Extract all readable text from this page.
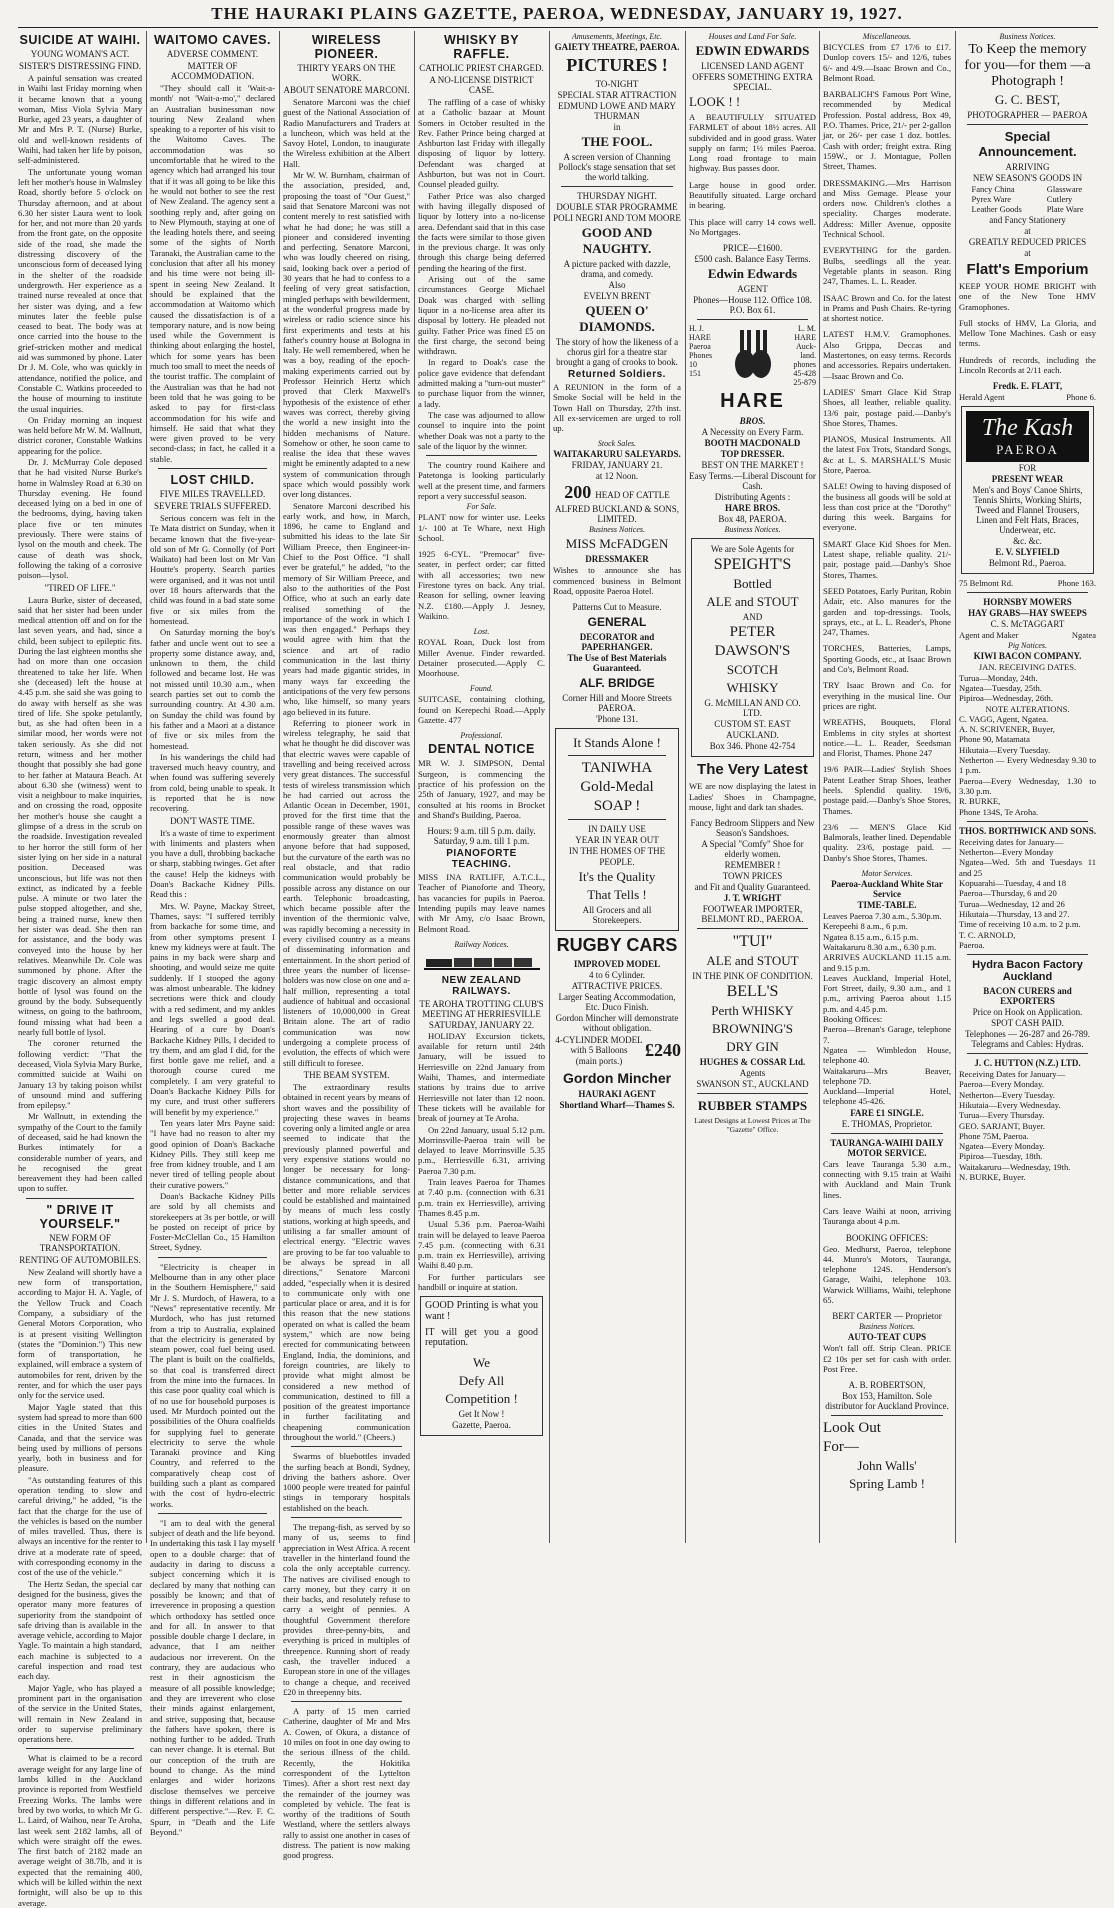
THE HAURAKI PLAINS GAZETTE, PAEROA, WEDNESDAY, JANUARY 19, 1927.
SUICIDE AT WAIHI.
YOUNG WOMAN'S ACT.
SISTER'S DISTRESSING FIND.

A painful sensation was created in Waihi last Friday morning when it became known that a young woman, Miss Viola Sylvia Mary Burke, aged 23 years, a daughter of Mr and Mrs P. T. (Nurse) Burke, old and well-known residents of Waihi, had taken her life by poison, self-administered.

The unfortunate young woman left her mother's house in Walmsley Road, shortly before 5 o'clock on Thursday afternoon, and at about 6.30 her sister Laura went to look for her, and not more than 20 yards from the front gate, on the opposite side of the road, she made the distressing discovery of the unconscious form of deceased lying in the shelter of the roadside undergrowth. Her experience as a trained nurse revealed at once that her sister was dying, and a few minutes later the feeble pulse ceased to beat. The body was at once carried into the house to the grief-stricken mother and medical aid was summoned by phone. Later Dr J. M. Cole, who was quickly in attendance, notified the police, and Constable C. Watkins proceeded to the house of mourning to institute the usual inquiries.

On Friday morning an inquest was held before Mr W. M. Wallnutt, district coroner, Constable Watkins appearing for the police.

Dr. J. McMurray Cole deposed that he had visited Nurse Burke's home in Walmsley Road at 6.30 on Thursday evening. He found deceased lying on a bed in one of the bedrooms, dying, having taken place five or ten minutes previously. There were stains of lysol on the mouth and cheek. The cause of death was shock, following the taking of a corrosive poison—lysol.

"TIRED OF LIFE."

Laura Burke, sister of deceased, said that her sister had been under medical attention off and on for the last seven years, and had, since a child, been subject to epileptic fits. During the last eighteen months she had on more than one occasion threatened to take her life. When she (deceased) left the house at 4.45 p.m. she said she was going to do away with herself as she was tired of life. She spoke petulantly, but, as she had often been in a similar mood, her words were not taken seriously. As she did not return, witness and her mother thought that possibly she had gone to her father at Mataura Beach. At about 6.30 she (witness) went to visit a neighbour to make inquiries, and on crossing the road, opposite her mother's house she caught a glimpse of a dress in the scrub on the roadside. Investigation revealed to her horror the still form of her sister lying on her side in a natural position. Deceased was unconscious, but life was not then extinct, as indicated by a feeble pulse. A minute or two later the pulse stopped altogether, and she, being a trained nurse, knew then her sister was dead. She then ran for assistance, and the body was conveyed into the house by her relatives. Meanwhile Dr. Cole was summoned by phone. After the tragic discovery an almost empty bottle of lysol was found on the ground by the body. Subsequently witness, on going to the bathroom, found missing what had been a nearly full bottle of lysol.

The coroner returned the following verdict: "That the deceased, Viola Sylvia Mary Burke, committed suicide at Waihi on January 13 by taking poison whilst of unsound mind and suffering from epilepsy."

Mr Wallnutt, in extending the sympathy of the Court to the family of deceased, said he had known the Burkes intimately for a considerable number of years, and he recognised the great bereavement they had been called upon to suffer.

" DRIVE IT YOURSELF."
NEW FORM OF TRANSPORTATION.
RENTING OF AUTOMOBILES.

New Zealand will shortly have a new form of transportation, according to Major H. A. Yagle, of the Yellow Truck and Coach Company, a subsidiary of the General Motors Corporation, who is at present visiting Wellington (states the "Dominion.") This new form of transportation, he explained, will embrace a system of automobiles for rent, driven by the renter, and for which the user pays only for the service used.

Major Yagle stated that this system had spread to more than 600 cities in the United States and Canada, and that the service was being used by millions of persons yearly, both in business and for pleasure.

"As outstanding features of this operation tending to slow and careful driving," he added, "is the fact that the charge for the use of the vehicles is based on the number of miles travelled. Thus, there is always an incentive for the renter to drive at a moderate rate of speed, with corresponding economy in the cost of the use of the vehicle."

The Hertz Sedan, the special car designed for the business, gives the operator many more features of superiority from the standpoint of safe driving than is available in the average vehicle, according to Major Yagle. To maintain a high standard, each machine is subjected to a careful inspection and road test each day.

Major Yagle, who has played a prominent part in the organisation of the service in the United States, will remain in New Zealand in order to supervise preliminary operations here.

What is claimed to be a record average weight for any large line of lambs killed in the Auckland province is reported from Westfield Freezing Works. The lambs were bred by two works, to which Mr G. L. Laird, of Waihou, near Te Aroha, last week sent 2182 lambs, all of which were straight off the ewes. The first batch of 2182 made an average weight of 38.7lb, and it is expected that the remaining 400, which will be killed within the next fortnight, will also be up to this average.

WAITOMO CAVES.
ADVERSE COMMENT.
MATTER OF ACCOMMODATION.

"They should call it 'Wait-a-month' not 'Wait-a-mo'," declared an Australian businessman now touring New Zealand when speaking to a reporter of his visit to the Waitomo Caves. The accommodation was so uncomfortable that he wired to the agency which had arranged his tour that if it was all going to be like this he would not bother to see the rest of New Zealand. The agency sent a soothing reply and, after going on to New Plymouth, staying at one of the leading hotels there, and seeing some of the sights of North Taranaki, the Australian came to the conclusion that after all his money and his time were not being ill-spent in seeing New Zealand. It should be explained that the accommodation at Waitomo which caused the dissatisfaction is of a temporary nature, and is now being used while the Government is thinking about enlarging the hostel, which for some years has been much too small to meet the needs of the tourist traffic. The complaint of the Australian was that he had not been told that he was going to be asked to pay for first-class accommodation for his wife and himself. He said that what they were given proved to be very second-class; in fact, he called it a stable.

LOST CHILD.
FIVE MILES TRAVELLED.
SEVERE TRIALS SUFFERED.

Serious concern was felt in the Te Mata district on Sunday, when it became known that the five-year-old son of Mr G. Connolly (of Port Waikato) had been lost on Mr Van Houtte's property. Search parties were organised, and it was not until over 18 hours afterwards that the child was found in a bad state some five or six miles from the homestead.

On Saturday morning the boy's father and uncle went out to see a property some distance away, and, unknown to them, the child followed and became lost. He was not missed until 10.30 a.m., when search parties set out to comb the surrounding country. At 4.30 a.m. on Sunday the child was found by his father and a Maori at a distance of five or six miles from the homestead.

In his wanderings the child had traversed much heavy country, and when found was suffering severely from cold, being unable to speak. It is reported that he is now recovering.

DON'T WASTE TIME.

It's a waste of time to experiment with liniments and plasters when you have a dull, throbbing backache or sharp, stabbing twinges. Get after the cause! Help the kidneys with Doan's Backache Kidney Pills. Read this :

Mrs. W. Payne, Mackay Street, Thames, says: "I suffered terribly from backache for some time, and from other symptoms present I knew my kidneys were at fault. The pains in my back were sharp and shooting, and would seize me quite suddenly. If I stooped the agony was almost unbearable. The kidney secretions were thick and cloudy with a red sediment, and my ankles and legs swelled a good deal. Hearing of a cure by Doan's Backache Kidney Pills, I decided to try them, and am glad I did, for the first bottle gave me relief, and a thorough course cured me completely. I am very grateful to Doan's Backache Kidney Pills for my cure, and trust other sufferers will benefit by my experience."

Ten years later Mrs Payne said: "I have had no reason to alter my good opinion of Doan's Backache Kidney Pills. They still keep me free from kidney trouble, and I am never tired of telling people about their curative powers."

Doan's Backache Kidney Pills are sold by all chemists and storekeepers at 3s per bottle, or will be posted on receipt of price by Foster-McClellan Co., 15 Hamilton Street, Sydney.

"Electricity is cheaper in Melbourne than in any other place in the Southern Hemisphere," said Mr J. S. Murdoch, of Hawera, to a "News" representative recently. Mr Murdoch, who has just returned from a trip to Australia, explained that the electricity is generated by steam power, coal fuel being used. The plant is built on the coalfields, so that coal is transferred direct from the mine into the furnaces. In this case poor quality coal which is of no use for household purposes is used. Mr Murdoch pointed out the possibilities of the Ohura coalfields for supplying fuel to generate electricity to serve the whole Taranaki province and King Country, and referred to the comparatively cheap cost of building such a plant as compared with the cost of hydro-electric works.

"I am to deal with the general subject of death and the life beyond. In undertaking this task I lay myself open to a double charge: that of audacity in daring to discuss a subject concerning which it is declared by many that nothing can possibly be known; and that of irreverence in proposing a question which orthodoxy has settled once and for all. In answer to that possible double charge I declare, in advance, that I am neither audacious nor irreverent. On the contrary, they are audacious who rest in their agnosticism the measure of all possible knowledge; and they are irreverent who close their minds against enlargement, and strive, supposing that, because the fathers have spoken, there is nothing further to be added. Truth can never change. It is eternal. But our conception of the truth are bound to change. As the mind enlarges and wider horizons disclose themselves we perceive things in different relations and in different perspective."—Rev. F. C. Spurr, in "Death and the Life Beyond."

WIRELESS PIONEER.
THIRTY YEARS ON THE WORK.
ABOUT SENATORE MARCONI.

Senatore Marconi was the chief guest of the National Association of Radio Manufacturers and Traders at a luncheon, which was held at the Savoy Hotel, London, to inaugurate the Wireless exhibition at the Albert Hall.

Mr W. W. Burnham, chairman of the association, presided, and, proposing the toast of "Our Guest," said that Senatore Marconi was not content merely to rest satisfied with what he had done; he was still a pioneer and considered inventing and perfecting. Senatore Marconi, who was loudly cheered on rising, said, looking back over a period of 30 years that he had to confess to a feeling of very great satisfaction, mingled perhaps with bewilderment, at the wonderful progress made by wireless or radio science since his first experiments and tests at his father's country house at Bologna in Italy. He well remembered, when he was a boy, reading of the epoch-making experiments carried out by Professor Heinrich Hertz which proved that Clerk Maxwell's hypothesis of the existence of ether waves was correct, thereby giving the world a new insight into the hidden mechanisms of Nature. Somehow or other, he soon came to realise the idea that these waves might be eminently adapted to a new system of communication through space which would possibly work over long distances.

Senatore Marconi described his early work, and how, in March, 1896, he came to England and submitted his ideas to the late Sir William Preece, then Engineer-in-Chief to the Post Office. "I shall ever be grateful," he added, "to the memory of Sir William Preece, and also to the authorities of the Post Office, who at such an early date realised something of the importance of the work in which I was then engaged." Perhaps they would agree with him that the science and art of radio communication in the last thirty years had made gigantic strides, in many ways far exceeding the anticipations of the very few persons who, like himself, so many years ago believed in its future.

Referring to pioneer work in wireless telegraphy, he said that what he thought he did discover was that electric waves were capable of travelling and being received across very great distances. The successful tests of wireless transmission which he had carried out across the Atlantic Ocean in December, 1901, proved for the first time that the possible range of these waves was enormously greater than almost anyone before that had supposed, but the curvature of the earth was no real obstacle, and that radio communication would probably be possible across any distance on our earth. Telephonic broadcasting, which became possible after the invention of the thermionic valve, was rapidly becoming a necessity in every civilised country as a means of disseminating information and entertainment. In the short period of three years the number of license-holders was now close on one and a-half million, representing a total audience of habitual and occasional listeners of 10,000,000 in Great Britain alone. The art of radio communication was now undergoing a complete process of evolution, the effects of which were still difficult to foresee.

THE BEAM SYSTEM.

The extraordinary results obtained in recent years by means of short waves and the possibility of projecting these waves in beams covering only a limited angle or area seemed to indicate that the previously planned powerful and very expensive stations would no longer be necessary for long-distance communications, and that better and more reliable services could be established and maintained by means of much less costly stations, working at high speeds, and utilising a far smaller amount of electrical energy. "Electric waves are proving to be far too valuable to be always be spread in all directions," Senatore Marconi added, "especially when it is desired to communicate only with one particular place or area, and it is for this reason that the new stations operated on what is called the beam system," which are now being erected for communicating between England, India, the dominions, and foreign countries, are likely to provide what might almost be considered a new method of communication, destined to fill a position of the greatest importance in further facilitating and cheapening communication throughout the world." (Cheers.)

Swarms of bluebottles invaded the surfing beach at Bondi, Sydney, driving the bathers ashore. Over 1000 people were treated for painful stings in temporary hospitals established on the beach.

The trepang-fish, as served by so many of us, seems to find appreciation in West Africa. A recent traveller in the hinterland found the cola the only acceptable currency. The natives are civilised enough to carry money, but they carry it on their backs, and resolutely refuse to carry a weight of pennies. A thoughtful Government therefore provides three-penny-bits, and everything is priced in multiples of threepence. Running short of ready cash, the traveller induced a European store in one of the villages to change a cheque, and received £20 in threepenny bits.

A party of 15 men carried Catherine, daughter of Mr and Mrs A. Cowen, of Okura, a distance of 10 miles on foot in one day owing to the serious illness of the child. Recently, the Hokitika correspondent of the Lyttelton Times). After a short rest next day the remainder of the journey was completed by vehicle. The feat is worthy of the traditions of South Westland, where the settlers always rally to assist one another in cases of distress. The patient is now making good progress.

WHISKY BY RAFFLE.
CATHOLIC PRIEST CHARGED.
A NO-LICENSE DISTRICT CASE.

The raffling of a case of whisky at a Catholic bazaar at Mount Somers in October resulted in the Rev. Father Prince being charged at Ashburton last Friday with illegally disposing of liquor by lottery. Defendant was charged at Ashburton, but was not in Court. Counsel pleaded guilty.

Father Price was also charged with having illegally disposed of liquor by lottery into a no-license area. Defendant said that in this case the facts were similar to those given in the previous charge. It was only through this charge being deferred pending the hearing of the first.

Arising out of the same circumstances George Michael Doak was charged with selling liquor in a no-license area after its disposal by lottery. He pleaded not guilty. Father Price was fined £5 on the first charge, the second being withdrawn.

In regard to Doak's case the police gave evidence that defendant admitted making a "turn-out muster" to purchase liquor from the winner, a lady.

The case was adjourned to allow counsel to inquire into the point whether Doak was not a party to the sale of the liquor by the winner.

The country round Kaihere and Patetonga is looking particularly well at the present time, and farmers report a very successful season.

For Sale.
PLANT now for winter use. Leeks 1/- 100 at Te Whare, next High School.
1925 6-CYL. "Premocar" five-seater, in perfect order; car fitted with all accessories; two new Firestone tyres on back. Any trial. Reason for selling, owner leaving N.Z. £180.—Apply J. Jesney, Waikino.
Lost.
ROYAL Roan, Duck lost from Miller Avenue. Finder rewarded. Detainer prosecuted.—Apply C. Moorhouse.
Found.
SUITCASE, containing clothing, found on Kerepechi Road.—Apply Gazette. 477
Professional.
DENTAL NOTICE
MR W. J. SIMPSON, Dental Surgeon, is commencing the practice of his profession on the 25th of January, 1927, and may be consulted at his rooms in Brocket and Shand's Building, Paeroa.
Hours: 9 a.m. till 5 p.m. daily. Saturday, 9 a.m. till 1 p.m.
PIANOFORTE TEACHING.
MISS INA RATLIFF, A.T.C.L., Teacher of Pianoforte and Theory, has vacancies for pupils in Paeroa. Intending pupils may leave names with Mr Amy, c/o Isaac Brown, Belmont Road.
Railway Notices.
NEW ZEALAND RAILWAYS.
TE AROHA TROTTING CLUB'S MEETING AT HERRIESVILLE
SATURDAY, JANUARY 22.

HOLIDAY Excursion tickets, available for return until 24th January, will be issued to Herriesville on 22nd January from Waihi, Thames, and intermediate stations by trains due to arrive Herriesville not later than 12 noon. These tickets will be available for break of journey at Te Aroha.

On 22nd January, usual 5.12 p.m. Morrinsville-Paeroa train will be delayed to leave Morrinsville 5.35 p.m., Herriesville 6.31, arriving Paeroa 7.30 p.m.

Train leaves Paeroa for Thames at 7.40 p.m. (connection with 6.31 p.m. train ex Herriesville), arriving Thames 8.45 p.m.

Usual 5.36 p.m. Paeroa-Waihi train will be delayed to leave Paeroa 7.45 p.m. (connecting with 6.31 p.m. train ex Herriesville), arriving Waihi 8.40 p.m.

For further particulars see handbill or inquire at station.

GOOD Printing is what you want !
IT will get you a good reputation.
We
Defy All
Competition !
Get It Now !
Gazette, Paeroa.
Amusements, Meetings, Etc.
GAIETY THEATRE, PAEROA.
PICTURES !
TO-NIGHT
SPECIAL STAR ATTRACTION
EDMUND LOWE AND MARY THURMAN
in
THE FOOL.
A screen version of Channing Pollock's stage sensation that set the world talking.
THURSDAY NIGHT.
DOUBLE STAR PROGRAMME
POLI NEGRI AND TOM MOORE
GOOD AND NAUGHTY.
A picture packed with dazzle, drama, and comedy.
Also
EVELYN BRENT
QUEEN O' DIAMONDS.
The story of how the likeness of a chorus girl for a theatre star brought a gang of crooks to book.
Returned Soldiers.
A REUNION in the form of a Smoke Social will be held in the Town Hall on Thursday, 27th inst. All ex-servicemen are urged to roll up.
Stock Sales.
WAITAKARURU SALEYARDS.
FRIDAY, JANUARY 21.
at 12 Noon.
200 HEAD OF CATTLE
ALFRED BUCKLAND & SONS, LIMITED.
Business Notices.
MISS McFADGEN
DRESSMAKER
Wishes to announce she has commenced business in Belmont Road, opposite Paeroa Hotel.
Patterns Cut to Measure.
GENERAL
DECORATOR and PAPERHANGER.
The Use of Best Materials Guaranteed.
ALF. BRIDGE
Corner Hill and Moore Streets PAEROA.
'Phone 131.
It Stands Alone !
TANIWHA
Gold-Medal
SOAP !
IN DAILY USE
YEAR IN YEAR OUT
IN THE HOMES OF THE
PEOPLE.
It's the Quality
That Tells !
All Grocers and all Storekeepers.
RUGBY CARS
IMPROVED MODEL
4 to 6 Cylinder.
ATTRACTIVE PRICES.
Larger Seating Accommodation, Etc. Duco Finish.
Gordon Mincher will demonstrate without obligation.
4-CYLINDER MODEL with 5 Balloons
(main ports.)
£240
Gordon Mincher
HAURAKI AGENT
Shortland Wharf—Thames S.
Houses and Land For Sale.
EDWIN EDWARDS
LICENSED LAND AGENT
OFFERS SOMETHING EXTRA SPECIAL.
LOOK ! !
A BEAUTIFULLY SITUATED FARMLET of about 18½ acres. All subdivided and in good grass. Water supply on farm; 1½ miles Paeroa. Long road frontage to main highway. Bus passes door.
Large house in good order. Beautifully situated. Large orchard in bearing.
This place will carry 14 cows well. No Mortgages.
PRICE—£1600.
£500 cash. Balance Easy Terms.
Edwin Edwards
AGENT
Phones—House 112. Office 108. P.O. Box 61.
H. J.
HARE
Paeroa
Phones
10
151
L. M.
HARE
Auck-
land.
phones
45-428
25-879
HARE
BROS.
A Necessity on Every Farm.
BOOTH MACDONALD
TOP DRESSER.
BEST ON THE MARKET !
Easy Terms.—Liberal Discount for Cash.
Distributing Agents :
HARE BROS.
Box 48, PAEROA.
Business Notices.
We are Sole Agents for
SPEIGHT'S
Bottled
ALE and STOUT
AND
PETER
DAWSON'S
SCOTCH
WHISKY
G. McMILLAN AND CO. LTD.
CUSTOM ST. EAST
AUCKLAND.
Box 346. Phone 42-754
The Very Latest
WE are now displaying the latest in Ladies' Shoes in Champagne, mouse, light and dark tan shades.
Fancy Bedroom Slippers and New Season's Sandshoes.
A Special "Comfy" Shoe for elderly women.
REMEMBER !
TOWN PRICES
and Fit and Quality Guaranteed.
J. T. WRIGHT
FOOTWEAR IMPORTER, BELMONT RD., PAEROA.
"TUI"
ALE and STOUT
IN THE PINK OF CONDITION.
BELL'S
Perth WHISKY
BROWNING'S
DRY GIN
HUGHES & COSSAR Ltd.
Agents
SWANSON ST., AUCKLAND
RUBBER STAMPS
Latest Designs at Lowest Prices at The "Gazette" Office.
Miscellaneous.
BICYCLES from £7 17/6 to £17. Dunlop covers 15/- and 12/6, tubes 6/- and 4/9.—Isaac Brown and Co., Belmont Road.
BARBALICH'S Famous Port Wine, recommended by Medical Profession. Postal address, Box 49, P.O. Thames. Price, 21/- per 2-gallon jar, or 26/- per case 1 doz. bottles. Cash with order; freight extra. Ring 159W., or J. Montague, Pollen Street, Thames.
DRESSMAKING.—Mrs Harrison and Miss Gemage. Please your orders now. Children's clothes a speciality. Charges moderate. Address: Miller Avenue, opposite Technical School.
EVERYTHING for the garden. Bulbs, seedlings all the year. Vegetable plants in season. Ring 247, Thames. L. L. Reader.
ISAAC Brown and Co. for the latest in Prams and Push Chairs. Re-tyring at shortest notice.
LATEST H.M.V. Gramophones. Also Grippa, Deccas and Mastertones, on easy terms. Records and accessories. Repairs undertaken.—Isaac Brown and Co.
LADIES' Smart Glace Kid Strap Shoes, all leather, reliable quality. 13/6 pair, postage paid.—Danby's Shoe Stores, Thames.
PIANOS, Musical Instruments. All the latest Fox Trots, Standard Songs, &c at L. S. MARSHALL'S Music Store, Paeroa.
SALE! Owing to having disposed of the business all goods will be sold at less than cost price at the "Dorothy" during this week. Bargains for everyone.
SMART Glace Kid Shoes for Men. Latest shape, reliable quality. 21/- pair, postage paid.—Danby's Shoe Stores, Thames.
SEED Potatoes, Early Puritan, Robin Adair, etc. Also manures for the garden and top-dressings. Tools, sprays, etc., at L. L. Reader's, Phone 247, Thames.
TORCHES, Batteries, Lamps, Sporting Goods, etc., at Isaac Brown and Co's, Belmont Road.
TRY Isaac Brown and Co. for everything in the musical line. Our prices are right.
WREATHS, Bouquets, Floral Emblems in city styles at shortest notice.—L. L. Reader, Seedsman and Florist, Thames. Phone 247
19/6 PAIR—Ladies' Stylish Shoes Patent Leather Strap Shoes, leather heels. Splendid quality. 19/6, postage paid.—Danby's Shoe Stores, Thames.
23/6 — MEN'S Glace Kid Balmorals, leather lined. Dependable quality. 23/6, postage paid. — Danby's Shoe Stores, Thames.
Motor Services.
Paeroa-Auckland White Star Service
TIME-TABLE.
Leaves Paeroa 7.30 a.m., 5.30p.m.
Kerepeehi 8 a.m., 6 p.m.
Ngatea 8.15 a.m., 6.15 p.m.
Waitakaruru 8.30 a.m., 6.30 p.m.
ARRIVES AUCKLAND 11.15 a.m. and 9.15 p.m.
Leaves Auckland, Imperial Hotel, Fort Street, daily, 9.30 a.m., and 1 p.m., arriving Paeroa about 1.15 p.m. and 4.45 p.m.
Booking Offices:
Paeroa—Brenan's Garage, telephone 7.
Ngatea — Wimbledon House, telephone 40.
Waitakaruru—Mrs Beaver, telephone 7D.
Auckland—Imperial Hotel, telephone 45-426.
FARE £1 SINGLE.
E. THOMAS, Proprietor.
TAURANGA-WAIHI DAILY MOTOR SERVICE.
Cars leave Tauranga 5.30 a.m., connecting with 9.15 train at Waihi with Auckland and Main Trunk lines.
Cars leave Waihi at noon, arriving Tauranga about 4 p.m.
BOOKING OFFICES:
Geo. Medhurst, Paeroa, telephone 44. Munro's Motors, Tauranga, telephone 124S. Henderson's Garage, Waihi, telephone 103. Warwick Williams, Waihi, telephone 65.
BERT CARTER — Proprietor
Business Notices.
AUTO-TEAT CUPS
Won't fall off. Strip Clean. PRICE £2 10s per set for cash with order. Post Free.
A. B. ROBERTSON,
Box 153, Hamilton. Sole distributor for Auckland Province.
Look Out
For—
John Walls'
Spring Lamb !
Business Notices.
To Keep the memory for you—for them —a Photograph !
G. C. BEST,
PHOTOGRAPHER — PAEROA
Special Announcement.
ARRIVING
NEW SEASON'S GOODS IN
Fancy China
Pyrex Ware
Leather Goods
Glassware
Cutlery
Plate Ware
and Fancy Stationery
at
GREATLY REDUCED PRICES
at
Flatt's Emporium
KEEP YOUR HOME BRIGHT with one of the New Tone HMV Gramophones.
Full stocks of HMV, La Gloria, and Mellow Tone Machines. Cash or easy terms.
Hundreds of records, including the Lincoln Records at 2/11 each.
Fredk. E. FLATT,
Herald Agent	Phone 6.
The Kash
PAEROA
FOR
PRESENT WEAR
Men's and Boys' Canoe Shirts, Tennis Shirts, Working Shirts, Tweed and Flannel Trousers, Linen and Felt Hats, Braces, Underwear, etc.
&c. &c.
E. V. SLYFIELD
Belmont Rd., Paeroa.
75 Belmont Rd.	Phone 163.
HORNSBY MOWERS
HAY GRABS—HAY SWEEPS
C. S. McTAGGART
Agent and Maker	Ngatea
Pig Notices.
KIWI BACON COMPANY.
JAN. RECEIVING DATES.
Turua—Monday, 24th.
Ngatea—Tuesday, 25th.
Pipiroa—Wednesday, 26th.
NOTE ALTERATIONS.
C. VAGG, Agent, Ngatea.
A. N. SCRIVENER, Buyer,
Phone 90, Matamata
Hikutaia—Every Tuesday.
Netherton — Every Wednesday 9.30 to 1 p.m.
Paeroa—Every Wednesday, 1.30 to 3.30 p.m.
R. BURKE,
Phone 134S, Te Aroha.
THOS. BORTHWICK AND SONS.
Receiving dates for January—
Netherton—Every Monday
Ngatea—Wed. 5th and Tuesdays 11 and 25
Kopuarahi—Tuesday, 4 and 18
Paeroa—Thursday, 6 and 20
Turua—Wednesday, 12 and 26
Hikutaia—Thursday, 13 and 27.
Time of receiving 10 a.m. to 2 p.m.
T. C. ARNOLD,
Paeroa.
Hydra Bacon Factory Auckland
BACON CURERS and EXPORTERS
Price on Hook on Application.
SPOT CASH PAID.
Telephones — 26-287 and 26-789. Telegrams and Cables: Hydras.
J. C. HUTTON (N.Z.) LTD.
Receiving Dates for January—
Paeroa—Every Monday.
Netherton—Every Tuesday.
Hikutaia—Every Wednesday.
Turua—Every Thursday.
GEO. SARJANT, Buyer.
Phone 75M, Paeroa.
Ngatea—Every Monday.
Pipiroa—Tuesday, 18th.
Waitakaruru—Wednesday, 19th.
N. BURKE, Buyer.
